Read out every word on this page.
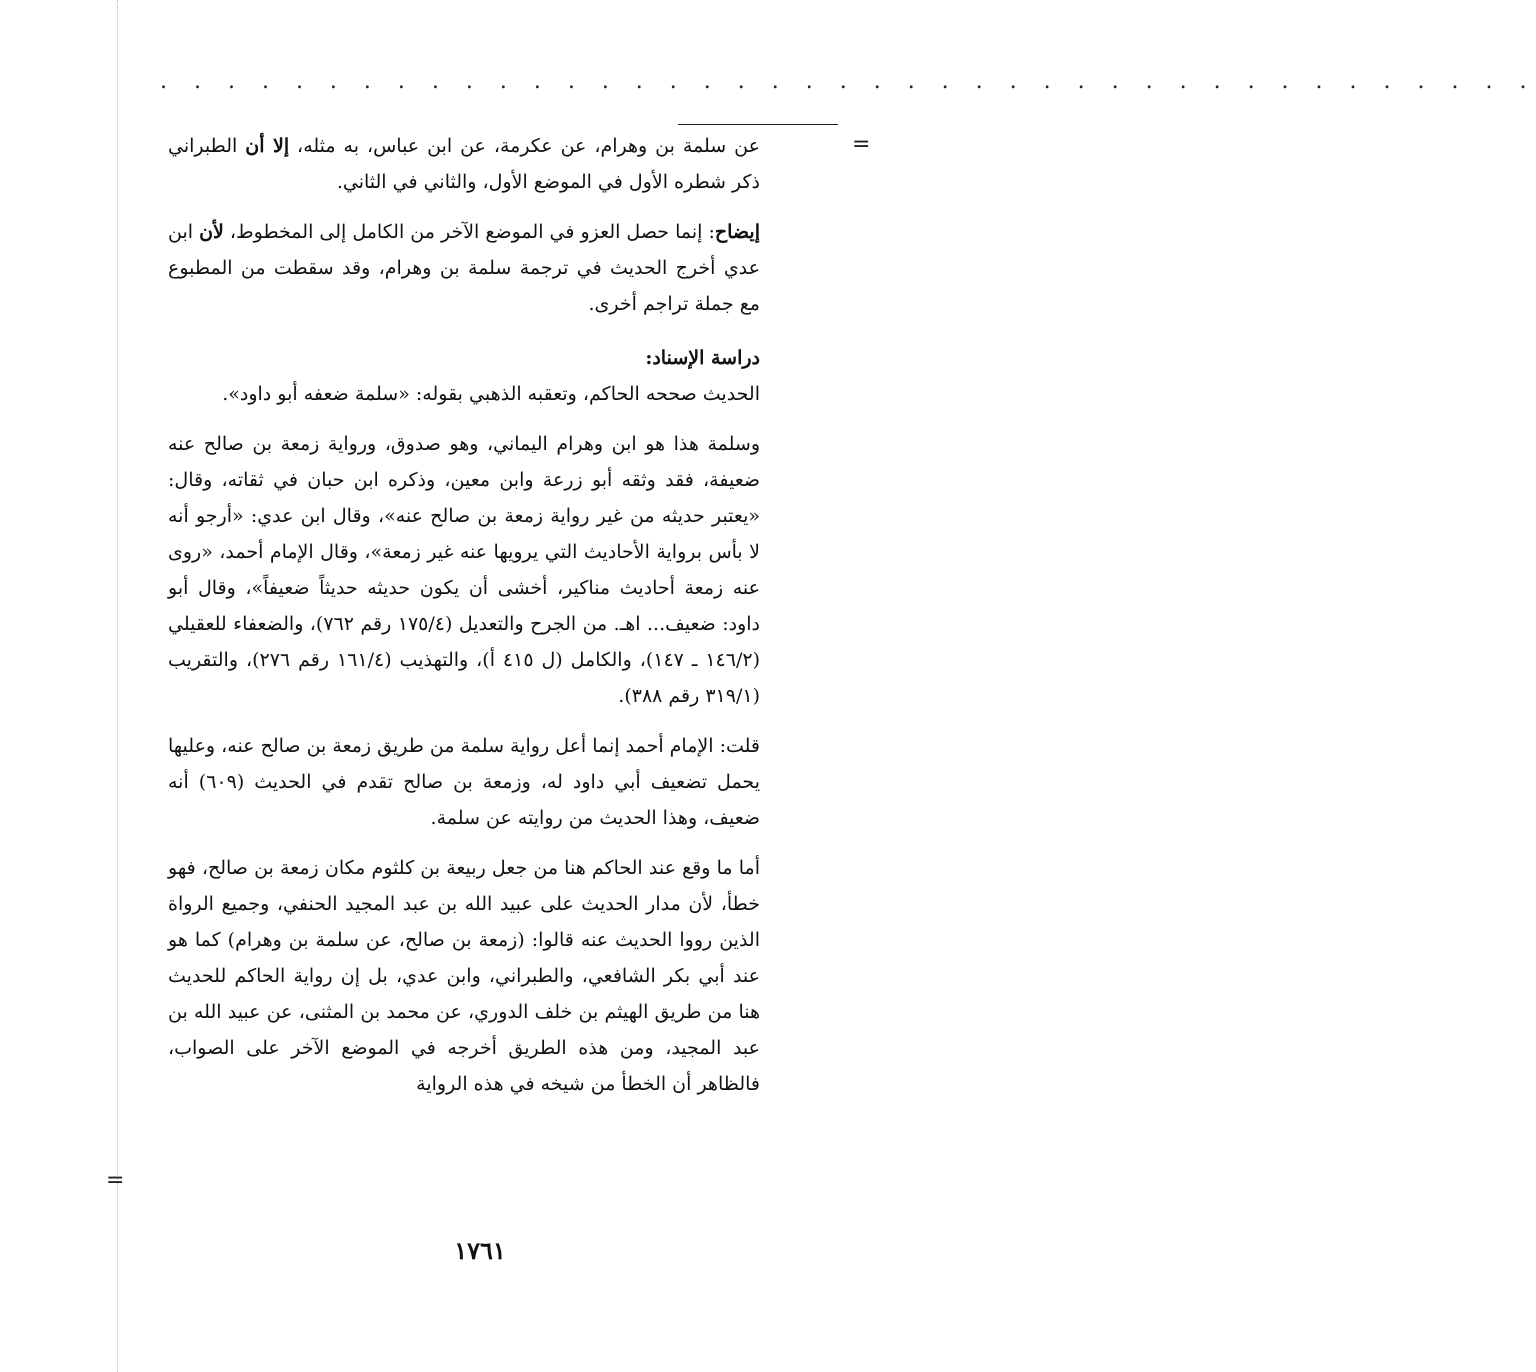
. . . . . . . . . . . . . . . . . . . . . . . . . . . . . . . . . . . . . . . . .
=
=

عن سلمة بن وهرام، عن عكرمة، عن ابن عباس، به مثله، إلا أن الطبراني ذكر شطره الأول في الموضع الأول، والثاني في الثاني.

إيضاح: إنما حصل العزو في الموضع الآخر من الكامل إلى المخطوط، لأن ابن عدي أخرج الحديث في ترجمة سلمة بن وهرام، وقد سقطت من المطبوع مع جملة تراجم أخرى.

دراسة الإسناد:

الحديث صححه الحاكم، وتعقبه الذهبي بقوله: «سلمة ضعفه أبو داود».

وسلمة هذا هو ابن وهرام اليماني، وهو صدوق، ورواية زمعة بن صالح عنه ضعيفة، فقد وثقه أبو زرعة وابن معين، وذكره ابن حبان في ثقاته، وقال: «يعتبر حديثه من غير رواية زمعة بن صالح عنه»، وقال ابن عدي: «أرجو أنه لا بأس برواية الأحاديث التي يرويها عنه غير زمعة»، وقال الإمام أحمد، «روى عنه زمعة أحاديث مناكير، أخشى أن يكون حديثه حديثاً ضعيفاً»، وقال أبو داود: ضعيف... اهـ. من الجرح والتعديل (١٧٥/٤ رقم ٧٦٢)، والضعفاء للعقيلي (١٤٦/٢ ـ ١٤٧)، والكامل (ل ٤١٥ أ)، والتهذيب (١٦١/٤ رقم ٢٧٦)، والتقريب (٣١٩/١ رقم ٣٨٨).

قلت: الإمام أحمد إنما أعل رواية سلمة من طريق زمعة بن صالح عنه، وعليها يحمل تضعيف أبي داود له، وزمعة بن صالح تقدم في الحديث (٦٠٩) أنه ضعيف، وهذا الحديث من روايته عن سلمة.

أما ما وقع عند الحاكم هنا من جعل ربيعة بن كلثوم مكان زمعة بن صالح، فهو خطأ، لأن مدار الحديث على عبيد الله بن عبد المجيد الحنفي، وجميع الرواة الذين رووا الحديث عنه قالوا: (زمعة بن صالح، عن سلمة بن وهرام) كما هو عند أبي بكر الشافعي، والطبراني، وابن عدي، بل إن رواية الحاكم للحديث هنا من طريق الهيثم بن خلف الدوري، عن محمد بن المثنى، عن عبيد الله بن عبد المجيد، ومن هذه الطريق أخرجه في الموضع الآخر على الصواب، فالظاهر أن الخطأ من شيخه في هذه الرواية

١٧٦١
